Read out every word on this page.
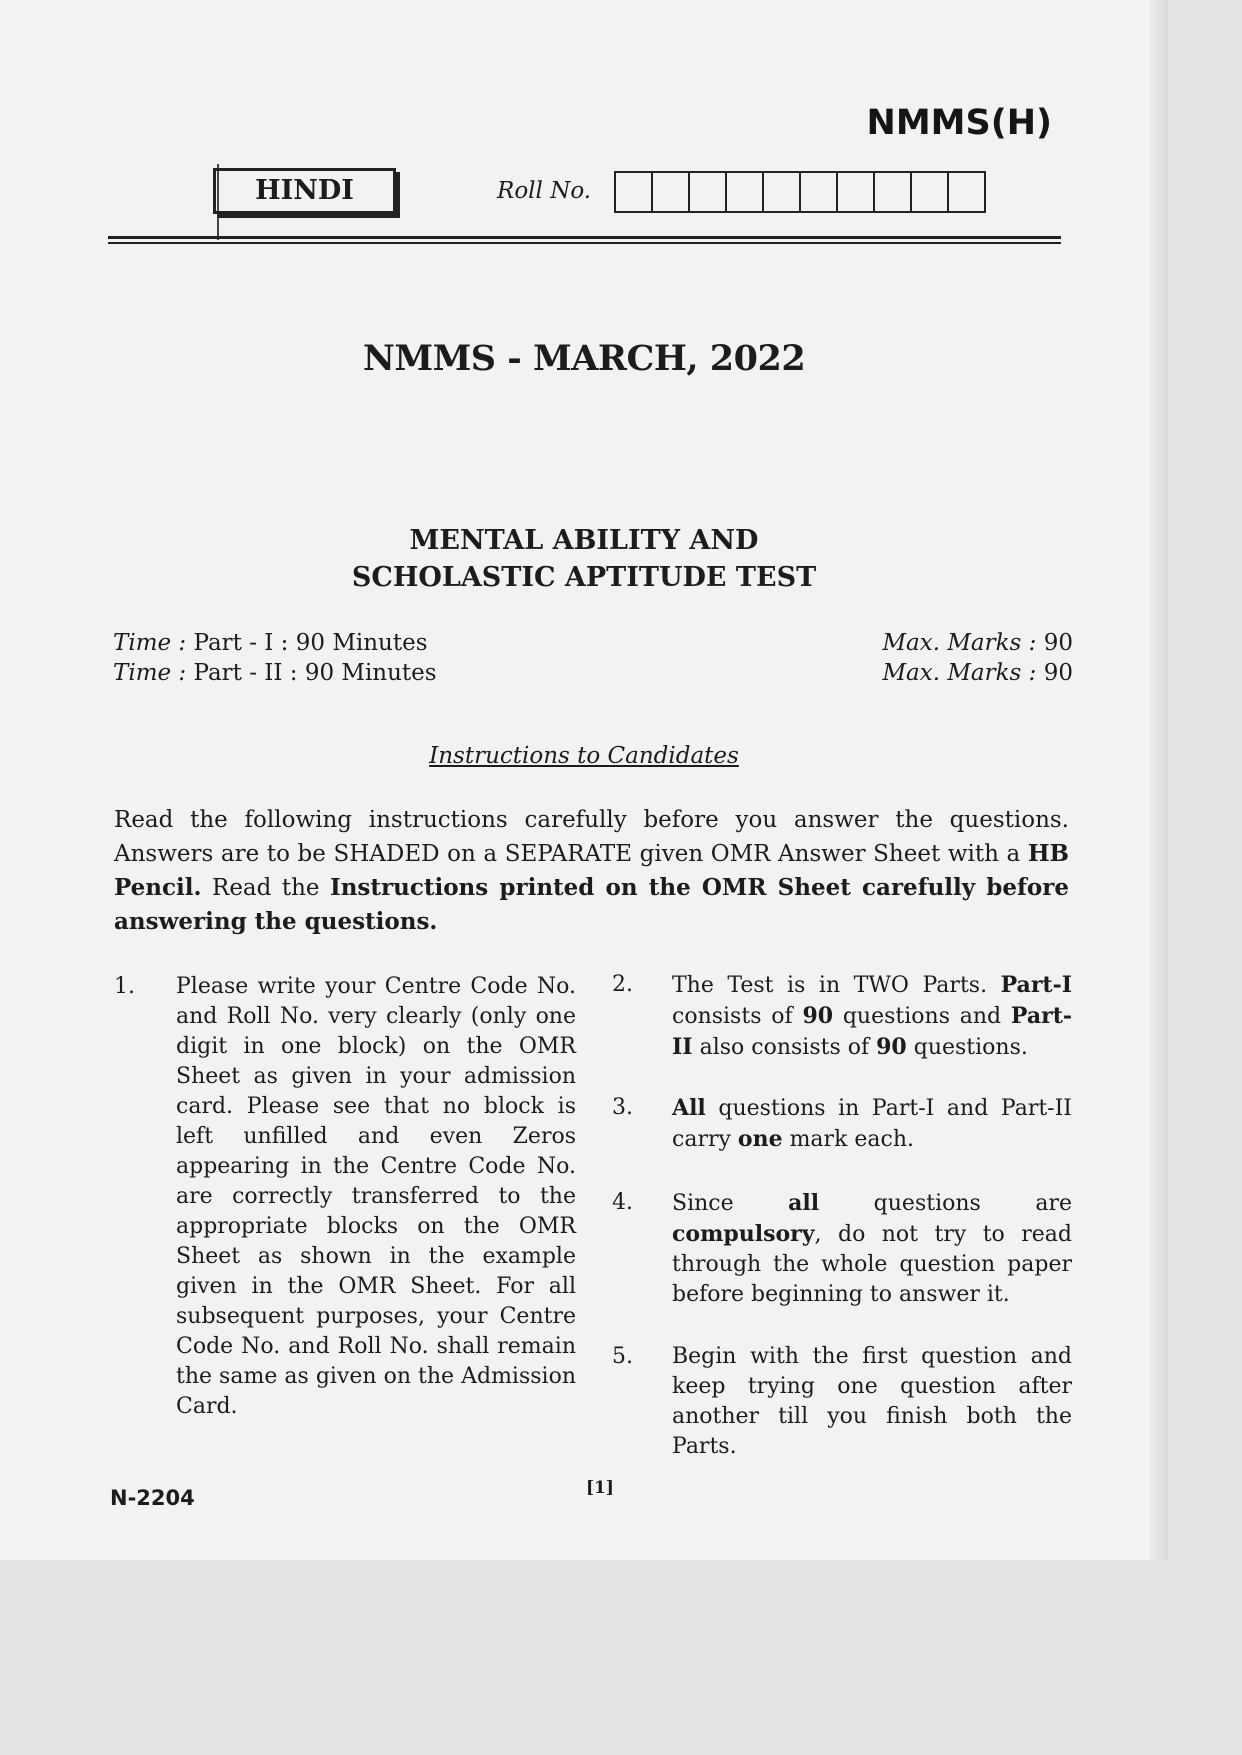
NMMS(H)
HINDI	Roll No.
NMMS - MARCH, 2022
MENTAL ABILITY AND
SCHOLASTIC APTITUDE TEST
Time : Part - I : 90 Minutes	Max. Marks : 90
Time : Part - II : 90 Minutes	Max. Marks : 90
Instructions to Candidates
Read the following instructions carefully before you answer the questions. Answers are to be SHADED on a SEPARATE given OMR Answer Sheet with a HB Pencil. Read the Instructions printed on the OMR Sheet carefully before answering the questions.
1. Please write your Centre Code No. and Roll No. very clearly (only one digit in one block) on the OMR Sheet as given in your admission card. Please see that no block is left unfilled and even Zeros appearing in the Centre Code No. are correctly transferred to the appropriate blocks on the OMR Sheet as shown in the example given in the OMR Sheet. For all subsequent purposes, your Centre Code No. and Roll No. shall remain the same as given on the Admission Card.
2. The Test is in TWO Parts. Part-I consists of 90 questions and Part-II also consists of 90 questions.
3. All questions in Part-I and Part-II carry one mark each.
4. Since all questions are compulsory, do not try to read through the whole question paper before beginning to answer it.
5. Begin with the first question and keep trying one question after another till you finish both the Parts.
N-2204	[1]
